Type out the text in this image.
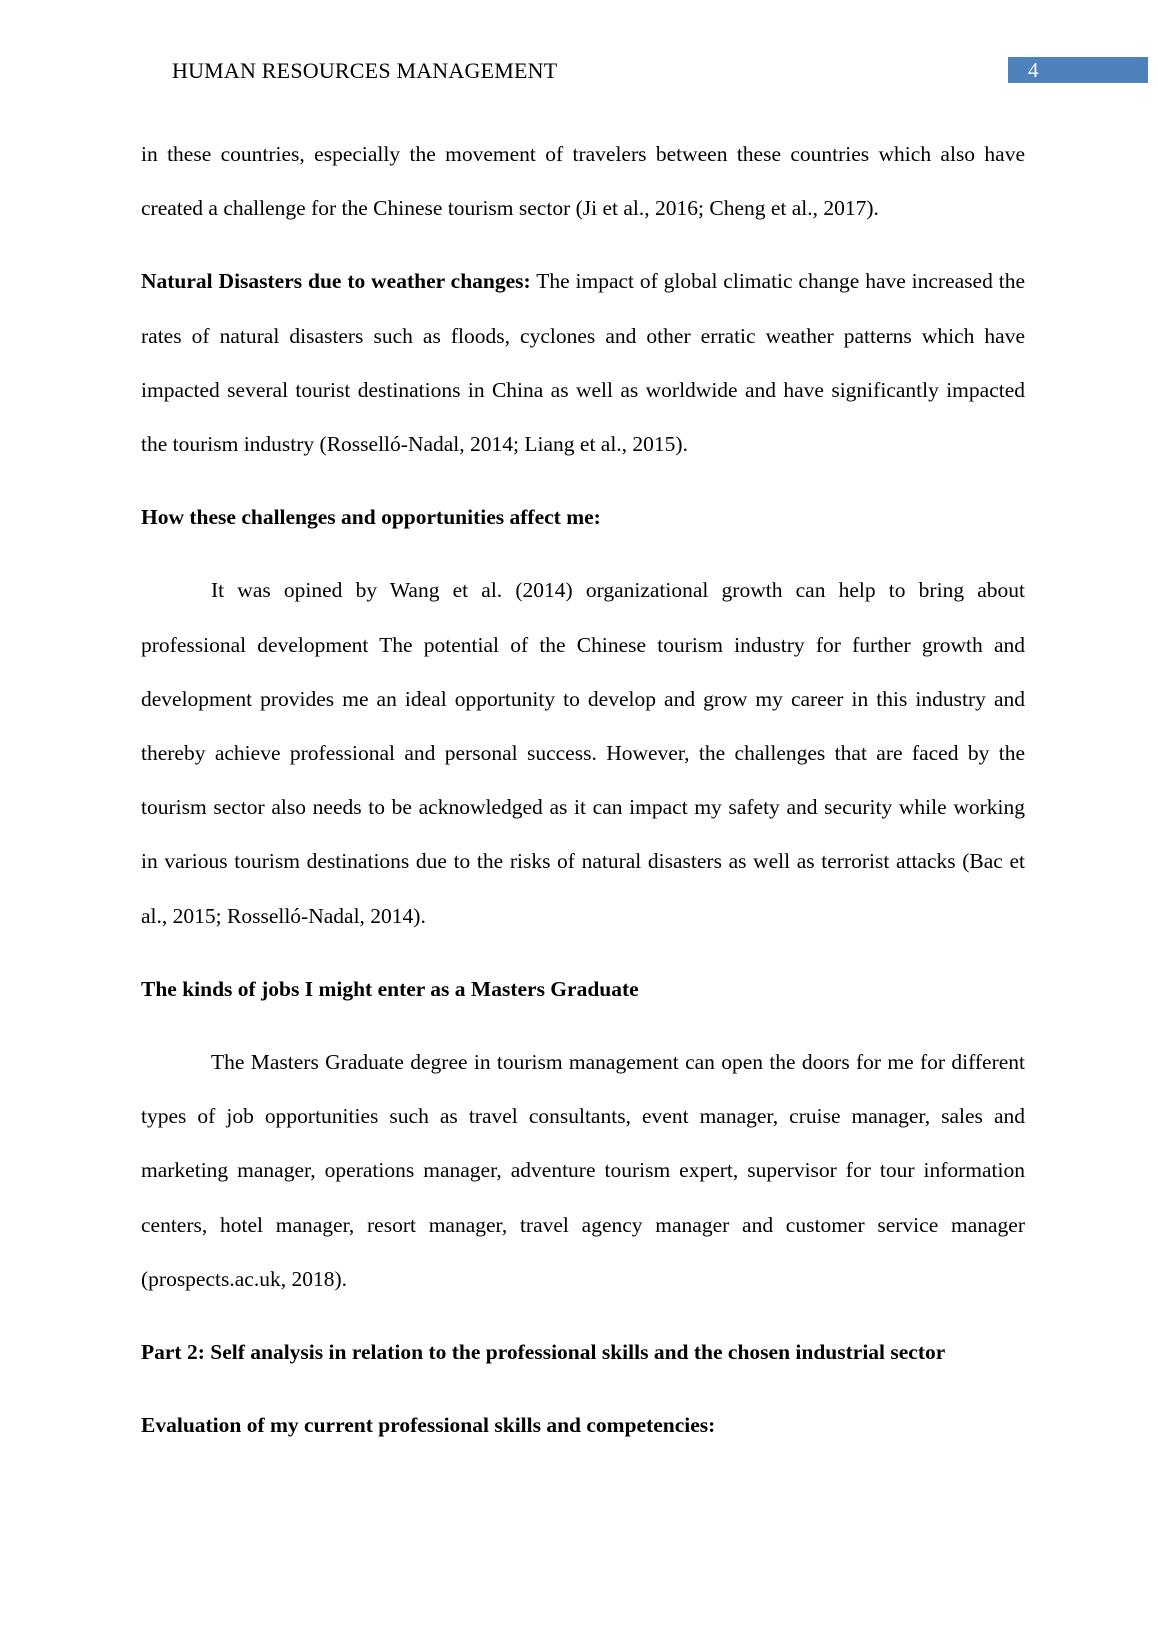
HUMAN RESOURCES MANAGEMENT	4

in these countries, especially the movement of travelers between these countries which also have created a challenge for the Chinese tourism sector (Ji et al., 2016; Cheng et al., 2017).

Natural Disasters due to weather changes: The impact of global climatic change have increased the rates of natural disasters such as floods, cyclones and other erratic weather patterns which have impacted several tourist destinations in China as well as worldwide and have significantly impacted the tourism industry (Rosselló-Nadal, 2014; Liang et al., 2015).

How these challenges and opportunities affect me:

It was opined by Wang et al. (2014) organizational growth can help to bring about professional development The potential of the Chinese tourism industry for further growth and development provides me an ideal opportunity to develop and grow my career in this industry and thereby achieve professional and personal success. However, the challenges that are faced by the tourism sector also needs to be acknowledged as it can impact my safety and security while working in various tourism destinations due to the risks of natural disasters as well as terrorist attacks (Bac et al., 2015; Rosselló-Nadal, 2014).

The kinds of jobs I might enter as a Masters Graduate

The Masters Graduate degree in tourism management can open the doors for me for different types of job opportunities such as travel consultants, event manager, cruise manager, sales and marketing manager, operations manager, adventure tourism expert, supervisor for tour information centers, hotel manager, resort manager, travel agency manager and customer service manager (prospects.ac.uk, 2018).

Part 2: Self analysis in relation to the professional skills and the chosen industrial sector

Evaluation of my current professional skills and competencies:
